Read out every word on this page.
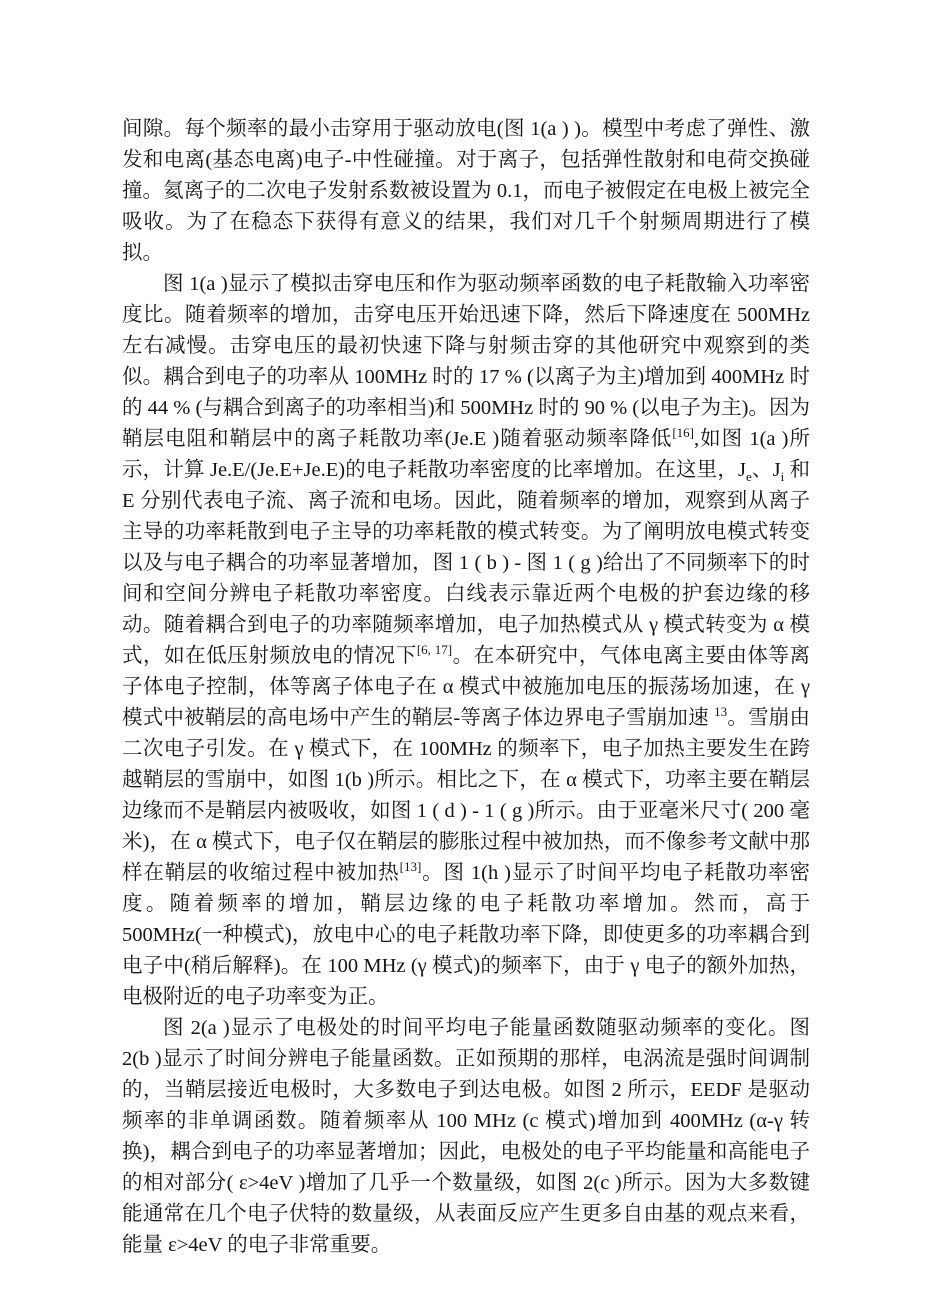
间隙。每个频率的最小击穿用于驱动放电(图 1(a ) )。模型中考虑了弹性、激发和电离(基态电离)电子-中性碰撞。对于离子，包括弹性散射和电荷交换碰撞。氦离子的二次电子发射系数被设置为 0.1，而电子被假定在电极上被完全吸收。为了在稳态下获得有意义的结果，我们对几千个射频周期进行了模拟。

图 1(a )显示了模拟击穿电压和作为驱动频率函数的电子耗散输入功率密度比。随着频率的增加，击穿电压开始迅速下降，然后下降速度在 500MHz 左右减慢。击穿电压的最初快速下降与射频击穿的其他研究中观察到的类似。耦合到电子的功率从 100MHz 时的 17 % (以离子为主)增加到 400MHz 时的 44 % (与耦合到离子的功率相当)和 500MHz 时的 90 % (以电子为主)。因为鞘层电阻和鞘层中的离子耗散功率(Je.E )随着驱动频率降低[16],如图 1(a )所示，计算 Je.E/(Je.E+Je.E)的电子耗散功率密度的比率增加。在这里，$J_e$、$J_i$ 和 E 分别代表电子流、离子流和电场。因此，随着频率的增加，观察到从离子主导的功率耗散到电子主导的功率耗散的模式转变。为了阐明放电模式转变以及与电子耦合的功率显著增加，图 1 ( b ) - 图 1 ( g )给出了不同频率下的时间和空间分辨电子耗散功率密度。白线表示靠近两个电极的护套边缘的移动。随着耦合到电子的功率随频率增加，电子加热模式从 γ 模式转变为 α 模式，如在低压射频放电的情况下[6, 17]。在本研究中，气体电离主要由体等离子体电子控制，体等离子体电子在 α 模式中被施加电压的振荡场加速，在 γ 模式中被鞘层的高电场中产生的鞘层-等离子体边界电子雪崩加速 $^{13}$。雪崩由二次电子引发。在 γ 模式下，在 100MHz 的频率下，电子加热主要发生在跨越鞘层的雪崩中，如图 1(b )所示。相比之下，在 α 模式下，功率主要在鞘层边缘而不是鞘层内被吸收，如图 1 ( d ) - 1 ( g )所示。由于亚毫米尺寸( 200 毫米)，在 α 模式下，电子仅在鞘层的膨胀过程中被加热，而不像参考文献中那样在鞘层的收缩过程中被加热[13]。图 1(h )显示了时间平均电子耗散功率密度。随着频率的增加，鞘层边缘的电子耗散功率增加。然而，高于 500MHz(一种模式)，放电中心的电子耗散功率下降，即使更多的功率耦合到电子中(稍后解释)。在 100 MHz (γ 模式)的频率下，由于 γ 电子的额外加热，电极附近的电子功率变为正。

图 2(a )显示了电极处的时间平均电子能量函数随驱动频率的变化。图 2(b )显示了时间分辨电子能量函数。正如预期的那样，电涡流是强时间调制的，当鞘层接近电极时，大多数电子到达电极。如图 2 所示，EEDF 是驱动频率的非单调函数。随着频率从 100 MHz (c 模式)增加到 400MHz (α-γ 转换)，耦合到电子的功率显著增加；因此，电极处的电子平均能量和高能电子的相对部分( ε>4eV )增加了几乎一个数量级，如图 2(c )所示。因为大多数键能通常在几个电子伏特的数量级，从表面反应产生更多自由基的观点来看，能量 ε>4eV 的电子非常重要。
